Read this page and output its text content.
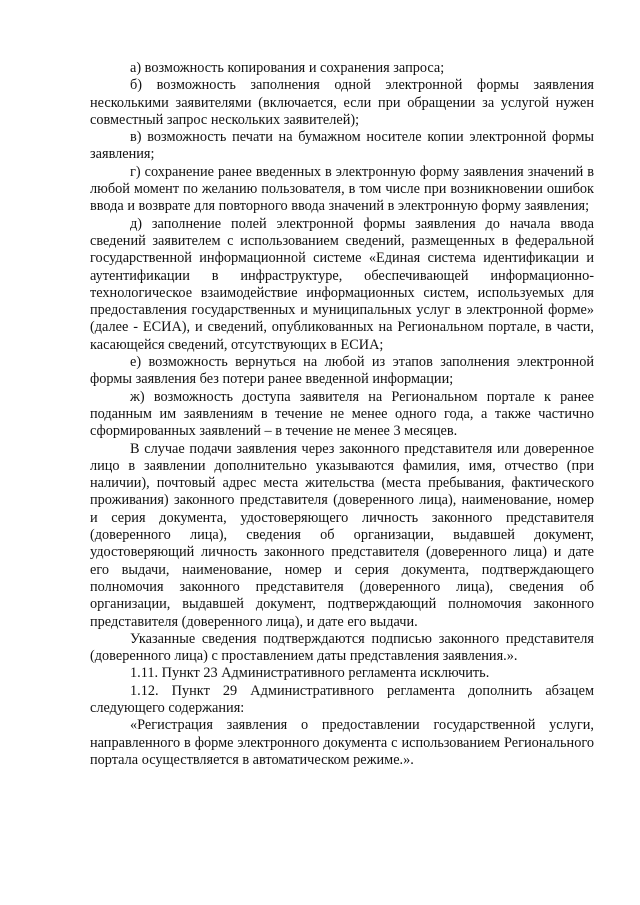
а) возможность копирования и сохранения запроса;

б) возможность заполнения одной электронной формы заявления несколькими заявителями (включается, если при обращении за услугой нужен совместный запрос нескольких заявителей);

в) возможность печати на бумажном носителе копии электронной формы заявления;

г) сохранение ранее введенных в электронную форму заявления значений в любой момент по желанию пользователя, в том числе при возникновении ошибок ввода и возврате для повторного ввода значений в электронную форму заявления;

д) заполнение полей электронной формы заявления до начала ввода сведений заявителем с использованием сведений, размещенных в федеральной государственной информационной системе «Единая система идентификации и аутентификации в инфраструктуре, обеспечивающей информационно-технологическое взаимодействие информационных систем, используемых для предоставления государственных и муниципальных услуг в электронной форме» (далее - ЕСИА), и сведений, опубликованных на Региональном портале, в части, касающейся сведений, отсутствующих в ЕСИА;

е) возможность вернуться на любой из этапов заполнения электронной формы заявления без потери ранее введенной информации;

ж) возможность доступа заявителя на Региональном портале к ранее поданным им заявлениям в течение не менее одного года, а также частично сформированных заявлений – в течение не менее 3 месяцев.

В случае подачи заявления через законного представителя или доверенное лицо в заявлении дополнительно указываются фамилия, имя, отчество (при наличии), почтовый адрес места жительства (места пребывания, фактического проживания) законного представителя (доверенного лица), наименование, номер и серия документа, удостоверяющего личность законного представителя (доверенного лица), сведения об организации, выдавшей документ, удостоверяющий личность законного представителя (доверенного лица) и дате его выдачи, наименование, номер и серия документа, подтверждающего полномочия законного представителя (доверенного лица), сведения об организации, выдавшей документ, подтверждающий полномочия законного представителя (доверенного лица), и дате его выдачи.

Указанные сведения подтверждаются подписью законного представителя (доверенного лица) с проставлением даты представления заявления.».

1.11. Пункт 23 Административного регламента исключить.

1.12. Пункт 29 Административного регламента дополнить абзацем следующего содержания:

«Регистрация заявления о предоставлении государственной услуги, направленного в форме электронного документа с использованием Регионального портала осуществляется в автоматическом режиме.».
